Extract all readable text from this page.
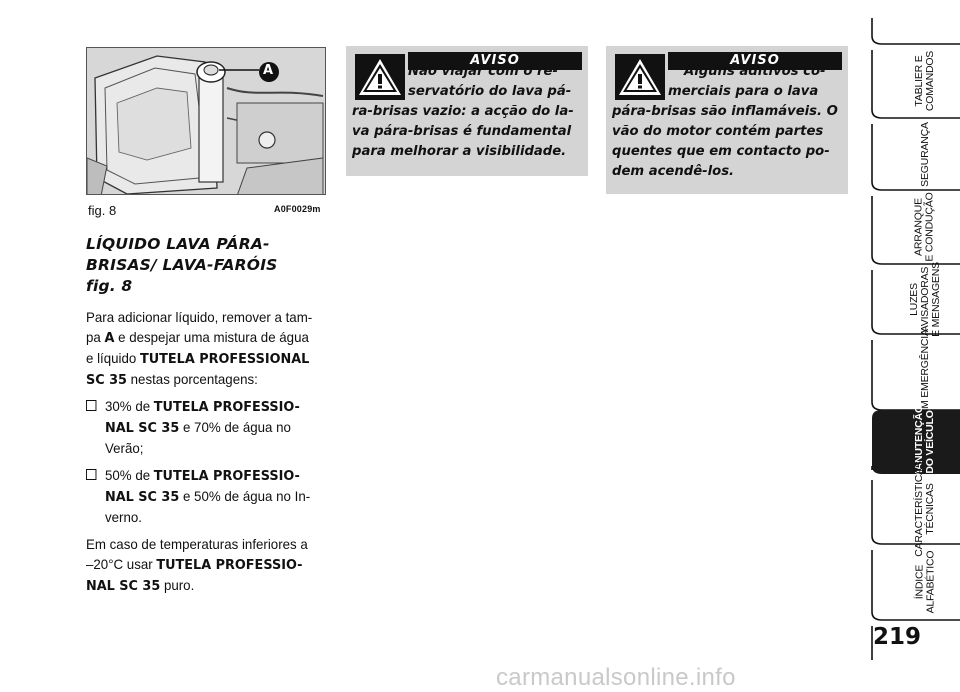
A
fig. 8	A0F0029m
LÍQUIDO LAVA PÁRA-
BRISAS/ LAVA-FARÓIS
fig. 8

Para adicionar líquido, remover a tam-
pa A e despejar uma mistura de água
e líquido TUTELA PROFESSIONAL
SC 35 nestas porcentagens:

30% de TUTELA PROFESSIO-
NAL SC 35 e 70% de água no
Verão;
50% de TUTELA PROFESSIO-
NAL SC 35 e 50% de água no In-
verno.

Em caso de temperaturas inferiores a
–20°C usar TUTELA PROFESSIO-
NAL SC 35 puro.

AVISO
Não viajar com o re-
servatório do lava pá-
ra-brisas vazio: a acção do la-
va pára-brisas é fundamental
para melhorar a visibilidade.
AVISO
Alguns aditivos co-
merciais para o lava
pára-brisas são inflamáveis. O
vão do motor contém partes
quentes que em contacto po-
dem acendê-los.
TABLIER E COMANDOS
SEGURANÇA
ARRANQUE E CONDUÇÃO
LUZES AVISADORAS E MENSAGENS
EM EMERGÊNCIA
MANUTENÇÃO DO VEÍCULO
CARACTERÍSTICAS TÉCNICAS
ÍNDICE ALFABÉTICO
219
carmanualsonline.info
